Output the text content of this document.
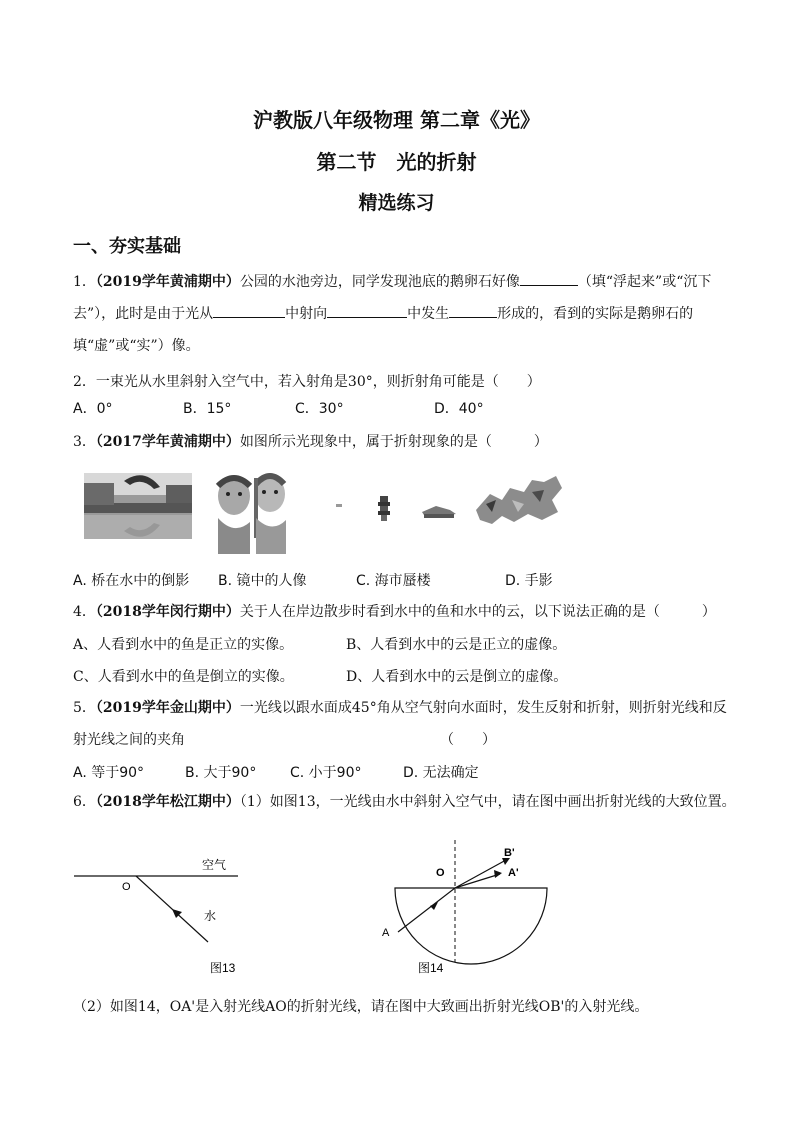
沪教版八年级物理 第二章《光》
第二节　光的折射
精选练习
一、夯实基础
1．（2019学年黄浦期中）公园的水池旁边，同学发现池底的鹅卵石好像	（填“浮起来”或“沉下
去”），此时是由于光从	中射向	中发生	形成的，看到的实际是鹅卵石的
填“虚”或“实”）像。
2．一束光从水里斜射入空气中，若入射角是30°，则折射角可能是（　　）
A．0°	B．15°	C．30°	D．40°
3．（2017学年黄浦期中）如图所示光现象中，属于折射现象的是（　　　）
A. 桥在水中的倒影 B. 镜中的人像	C. 海市蜃楼	D. 手影
4．（2018学年闵行期中）关于人在岸边散步时看到水中的鱼和水中的云，以下说法正确的是（　　　）
A、人看到水中的鱼是正立的实像。	B、人看到水中的云是正立的虚像。
C、人看到水中的鱼是倒立的实像。	D、人看到水中的云是倒立的虚像。
5．（2019学年金山期中）一光线以跟水面成45°角从空气射向水面时，发生反射和折射，则折射光线和反
射光线之间的夹角	（　　）
A. 等于90°	B. 大于90° C. 小于90°	D. 无法确定
6．（2018学年松江期中）（1）如图13，一光线由水中斜射入空气中，请在图中画出折射光线的大致位置。
空气
O
水
图13
O
A
A'
B'
图14
（2）如图14，OA'是入射光线AO的折射光线，请在图中大致画出折射光线OB'的入射光线。
